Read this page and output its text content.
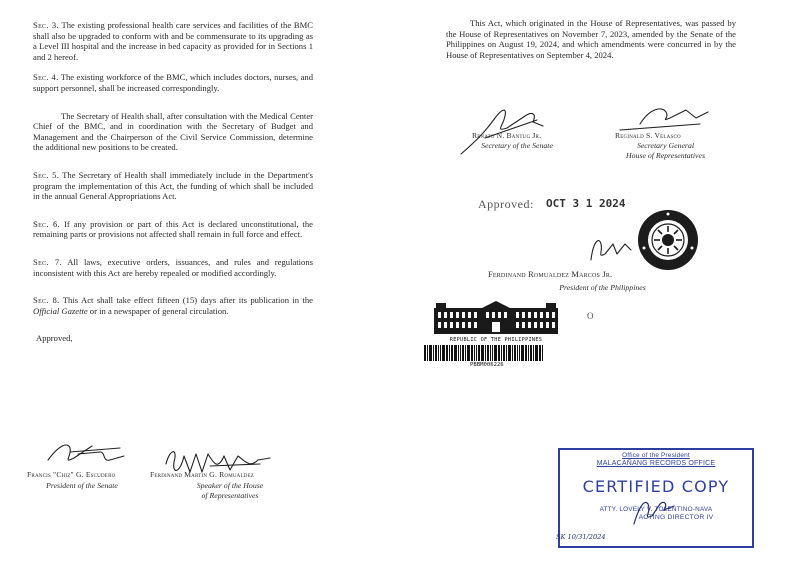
Sec. 3. The existing professional health care services and facilities of the BMC shall also be upgraded to conform with and be commensurate to its upgrading as a Level III hospital and the increase in bed capacity as provided for in Sections 1 and 2 hereof.

Sec. 4. The existing workforce of the BMC, which includes doctors, nurses, and support personnel, shall be increased correspondingly.

The Secretary of Health shall, after consultation with the Medical Center Chief of the BMC, and in coordination with the Secretary of Budget and Management and the Chairperson of the Civil Service Commission, determine the additional new positions to be created.

Sec. 5. The Secretary of Health shall immediately include in the Department's program the implementation of this Act, the funding of which shall be included in the annual General Appropriations Act.

Sec. 6. If any provision or part of this Act is declared unconstitutional, the remaining parts or provisions not affected shall remain in full force and effect.

Sec. 7. All laws, executive orders, issuances, and rules and regulations inconsistent with this Act are hereby repealed or modified accordingly.

Sec. 8. This Act shall take effect fifteen (15) days after its publication in the Official Gazette or in a newspaper of general circulation.

Approved,
Francis "Chiz" G. Escudero
President of the Senate
Ferdinand Martin G. Romualdez
Speaker of the House
of Representatives
This Act, which originated in the House of Representatives, was passed by the House of Representatives on November 7, 2023, amended by the Senate of the Philippines on August 19, 2024, and which amendments were concurred in by the House of Representatives on September 4, 2024.
Renato N. Bantug Jr.
Secretary of the Senate
Reginald S. Velasco
Secretary General
House of Representatives
Approved: OCT 3 1 2024
Ferdinand Romualdez Marcos Jr.
President of the Philippines
O
REPUBLIC OF THE PHILIPPINES
PBBM006226
Office of the President
MALACAÑANG RECORDS OFFICE
CERTIFIED COPY
ATTY. LOVELY V. TOLENTINO-NAVA
ACTING DIRECTOR IV
SK 10/31/2024
